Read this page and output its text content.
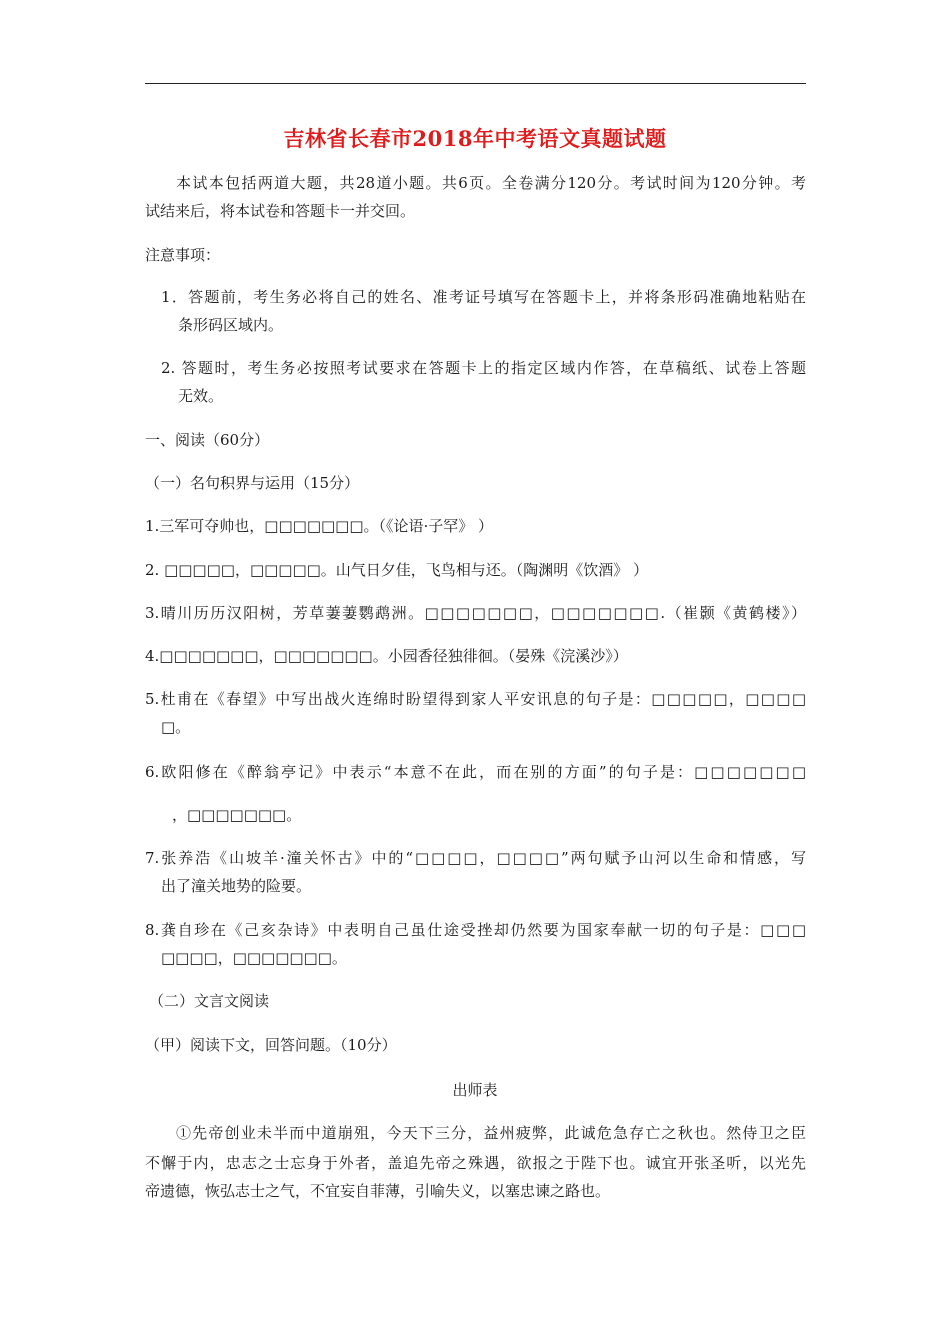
吉林省长春市2018年中考语文真题试题
本试本包括两道大题，共28道小题。共6页。全卷满分120分。考试时间为120分钟。考
试结来后，将本试卷和答题卡一并交回。
注意事项：
1．答题前，考生务必将自己的姓名、准考证号填写在答题卡上，并将条形码准确地粘贴在
条形码区域内。
2. 答题时，考生务必按照考试要求在答题卡上的指定区域内作答，在草稿纸、试卷上答题
无效。
一、阅读（60分）
（一）名句积界与运用（15分）
1.三军可夺帅也，□□□□□□□。（《论语·子罕》 ）
2. □□□□□，□□□□□。山气日夕佳，飞鸟相与还。（陶渊明《饮酒》 ）
3.晴川历历汉阳树，芳草萋萋鹦鹉洲。□□□□□□□，□□□□□□□.（崔颢《黄鹤楼》）
4.□□□□□□□，□□□□□□□。小园香径独徘徊。（晏殊《浣溪沙》）
5.杜甫在《春望》中写出战火连绵时盼望得到家人平安讯息的句子是：□□□□□，□□□□
□。
6.欧阳修在《醉翁亭记》中表示“本意不在此，而在别的方面”的句子是：□□□□□□□
，□□□□□□□。
7.张养浩《山坡羊·潼关怀古》中的“□□□□，□□□□”两句赋予山河以生命和情感，写
出了潼关地势的险要。
8.龚自珍在《己亥杂诗》中表明自己虽仕途受挫却仍然要为国家奉献一切的句子是：□□□
□□□□，□□□□□□□。
（二）文言文阅读
（甲）阅读下文，回答问题。（10分）
出师表
①先帝创业未半而中道崩殂，今天下三分，益州疲弊，此诚危急存亡之秋也。然侍卫之臣
不懈于内，忠志之士忘身于外者，盖追先帝之殊遇，欲报之于陛下也。诚宜开张圣听，以光先
帝遗德，恢弘志士之气，不宜妄自菲薄，引喻失义，以塞忠谏之路也。
